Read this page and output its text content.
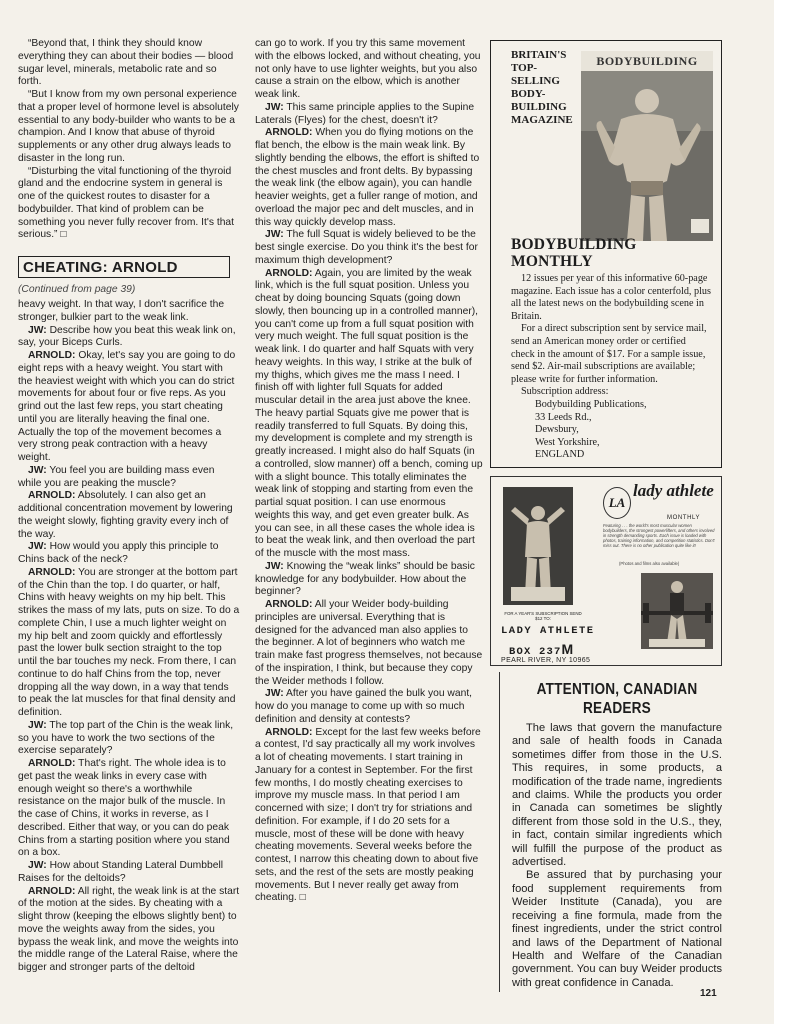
“Beyond that, I think they should know everything they can about their bodies — blood sugar level, minerals, metabolic rate and so forth.

“But I know from my own personal experience that a proper level of hormone level is absolutely essential to any body-builder who wants to be a champion. And I know that abuse of thyroid supplements or any other drug always leads to disaster in the long run.

“Disturbing the vital functioning of the thyroid gland and the endocrine system in general is one of the quickest routes to disaster for a bodybuilder. That kind of problem can be something you never fully recover from. It's that serious.” □

CHEATING: ARNOLD
(Continued from page 39)

heavy weight. In that way, I don't sacrifice the stronger, bulkier part to the weak link.

JW: Describe how you beat this weak link on, say, your Biceps Curls.

ARNOLD: Okay, let's say you are going to do eight reps with a heavy weight. You start with the heaviest weight with which you can do strict movements for about four or five reps. As you grind out the last few reps, you start cheating until you are literally heaving the final one. Actually the top of the movement becomes a very strong peak contraction with a heavy weight.

JW: You feel you are building mass even while you are peaking the muscle?

ARNOLD: Absolutely. I can also get an additional concentration movement by lowering the weight slowly, fighting gravity every inch of the way.

JW: How would you apply this principle to Chins back of the neck?

ARNOLD: You are stronger at the bottom part of the Chin than the top. I do quarter, or half, Chins with heavy weights on my hip belt. This strikes the mass of my lats, puts on size. To do a complete Chin, I use a much lighter weight on my hip belt and zoom quickly and effortlessly past the lower bulk section straight to the top until the bar touches my neck. From there, I can continue to do half Chins from the top, never dropping all the way down, in a way that tends to peak the lat muscles for that final density and definition.

JW: The top part of the Chin is the weak link, so you have to work the two sections of the exercise separately?

ARNOLD: That's right. The whole idea is to get past the weak links in every case with enough weight so there's a worthwhile resistance on the major bulk of the muscle. In the case of Chins, it works in reverse, as I described. Either that way, or you can do peak Chins from a starting position where you stand on a box.

JW: How about Standing Lateral Dumbbell Raises for the deltoids?

ARNOLD: All right, the weak link is at the start of the motion at the sides. By cheating with a slight throw (keeping the elbows slightly bent) to move the weights away from the sides, you bypass the weak link, and move the weights into the middle range of the Lateral Raise, where the bigger and stronger parts of the deltoid

can go to work. If you try this same movement with the elbows locked, and without cheating, you not only have to use lighter weights, but you also cause a strain on the elbow, which is another weak link.

JW: This same principle applies to the Supine Laterals (Flyes) for the chest, doesn't it?

ARNOLD: When you do flying motions on the flat bench, the elbow is the main weak link. By slightly bending the elbows, the effort is shifted to the chest muscles and front delts. By bypassing the weak link (the elbow again), you can handle heavier weights, get a fuller range of motion, and overload the major pec and delt muscles, and in this way quickly develop mass.

JW: The full Squat is widely believed to be the best single exercise. Do you think it's the best for maximum thigh development?

ARNOLD: Again, you are limited by the weak link, which is the full squat position. Unless you cheat by doing bouncing Squats (going down slowly, then bouncing up in a controlled manner), you can't come up from a full squat position with very much weight. The full squat position is the weak link. I do quarter and half Squats with very heavy weights. In this way, I strike at the bulk of my thighs, which gives me the mass I need. I finish off with lighter full Squats for added muscular detail in the area just above the knee. The heavy partial Squats give me power that is readily transferred to full Squats. By doing this, my development is complete and my strength is greatly increased. I might also do half Squats (in a controlled, slow manner) off a bench, coming up with a slight bounce. This totally eliminates the weak link of stopping and starting from even the partial squat position. I can use enormous weights this way, and get even greater bulk. As you can see, in all these cases the whole idea is to beat the weak link, and then overload the part of the muscle with the most mass.

JW: Knowing the “weak links” should be basic knowledge for any bodybuilder. How about the beginner?

ARNOLD: All your Weider body-building principles are universal. Everything that is designed for the advanced man also applies to the beginner. A lot of beginners who watch me train make fast progress themselves, not because of the inspiration, I think, but because they copy the Weider methods I follow.

JW: After you have gained the bulk you want, how do you manage to come up with so much definition and density at contests?

ARNOLD: Except for the last few weeks before a contest, I'd say practically all my work involves a lot of cheating movements. I start training in January for a contest in September. For the first few months, I do mostly cheating exercises to improve my muscle mass. In that period I am concerned with size; I don't try for striations and definition. For example, if I do 20 sets for a muscle, most of these will be done with heavy cheating movements. Several weeks before the contest, I narrow this cheating down to about five sets, and the rest of the sets are mostly peaking movements. But I never really get away from cheating. □

BRITAIN'S TOP-SELLING BODY-BUILDING MAGAZINE
BODYBUILDING
BODYBUILDING
MONTHLY

12 issues per year of this informative 60-page magazine. Each issue has a color centerfold, plus all the latest news on the bodybuilding scene in Britain.

For a direct subscription sent by service mail, send an American money order or certified check in the amount of $17. For a sample issue, send $2. Air-mail subscriptions are available; please write for further information.

Subscription address:
Bodybuilding Publications,
33 Leeds Rd.,
Dewsbury,
West Yorkshire,
ENGLAND
LA
lady athlete
MONTHLY
Featuring . . . the world's most muscular women bodybuilders, the strongest powerlifters, and others involved in strength demanding sports. Each issue is loaded with photos, training information, and competition statistics. Don't miss out. There is no other publication quite like it!
(Photos and films also available)
FOR A YEAR'S SUBSCRIPTION SEND $12 TO:
LADY ATHLETE
BOX 237M
PEARL RIVER, NY 10965
ATTENTION, CANADIAN
READERS

The laws that govern the manufacture and sale of health foods in Canada sometimes differ from those in the U.S. This requires, in some products, a modification of the trade name, ingredients and claims. While the products you order in Canada can sometimes be slightly different from those sold in the U.S., they, in fact, contain similar ingredients which will fulfill the purpose of the product as advertised.

Be assured that by purchasing your food supplement requirements from Weider Institute (Canada), you are receiving a fine formula, made from the finest ingredients, under the strict control and laws of the Department of National Health and Welfare of the Canadian government. You can buy Weider products with great confidence in Canada.

121
